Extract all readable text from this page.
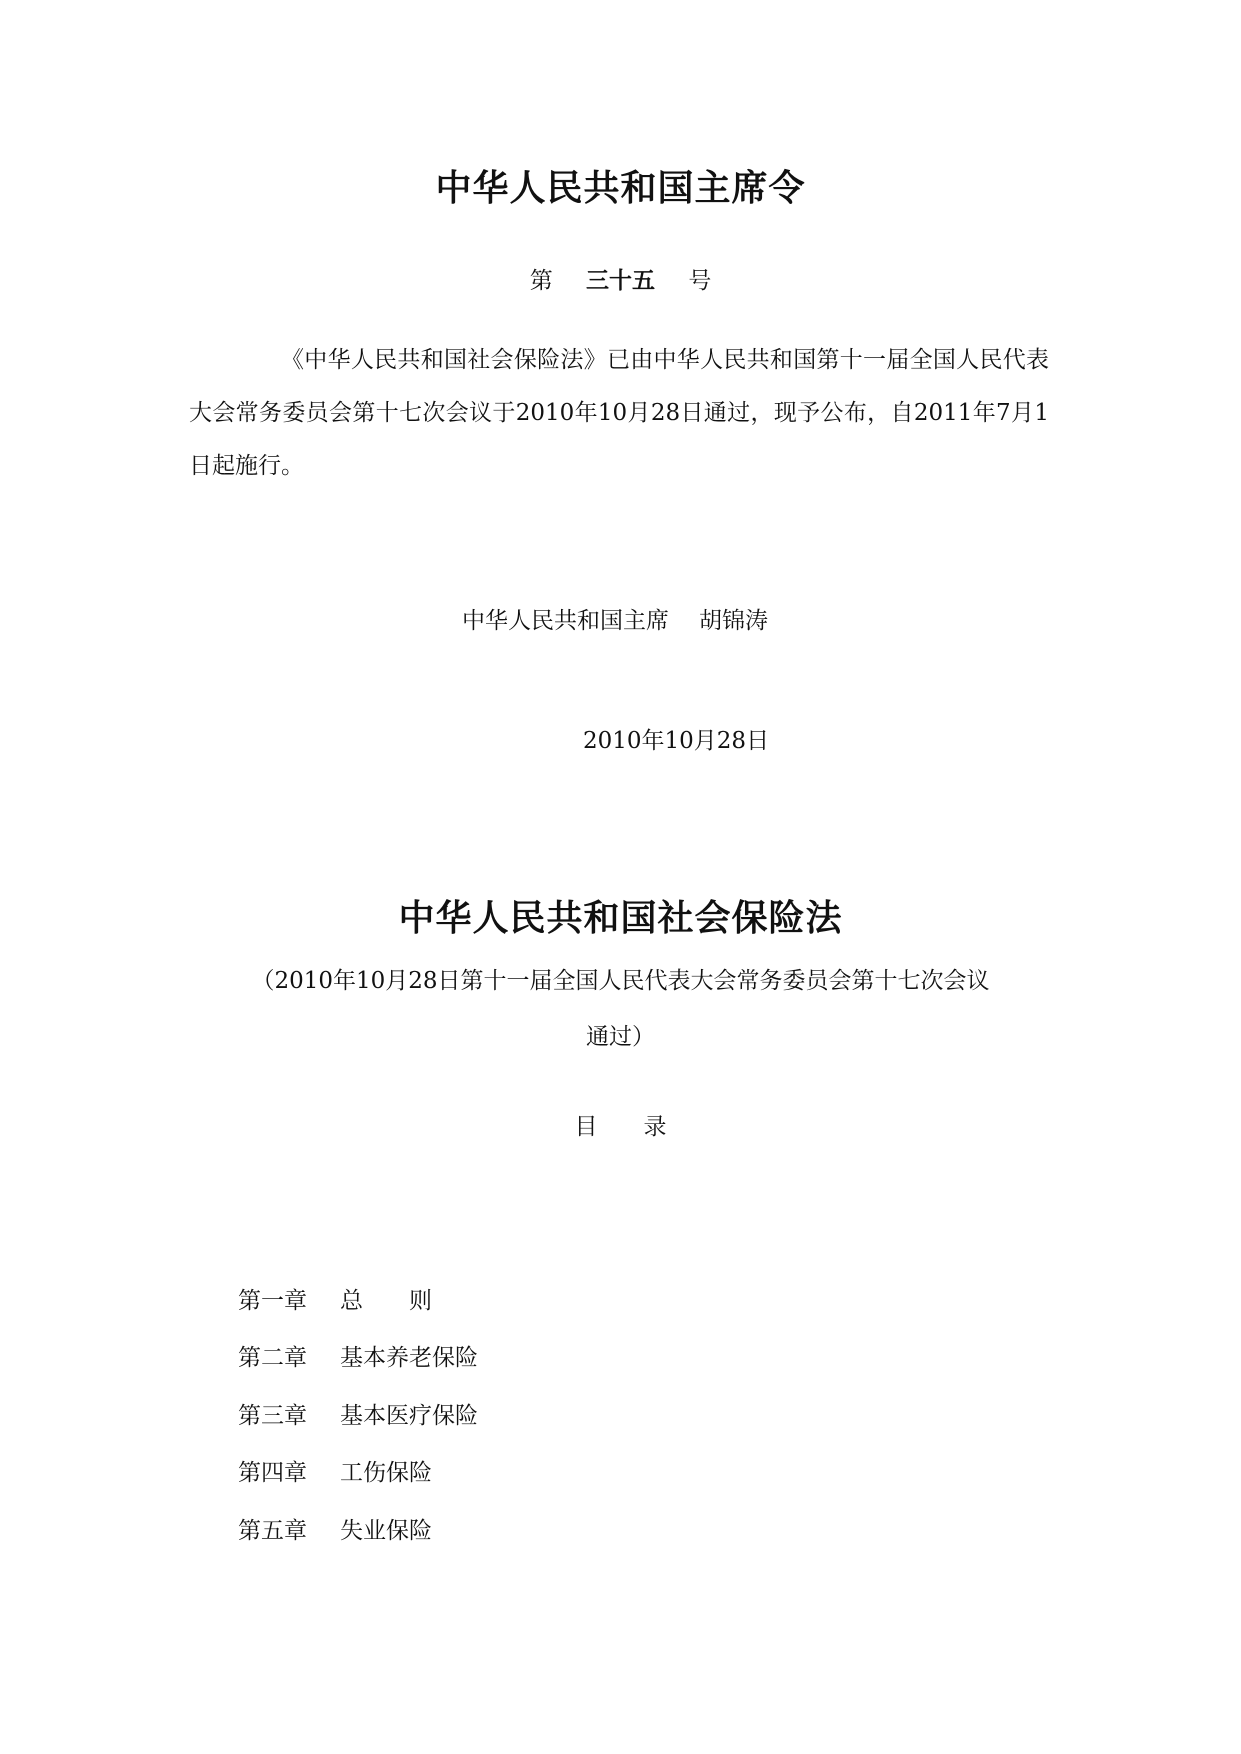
中华人民共和国主席令
第 三十五 号
《中华人民共和国社会保险法》已由中华人民共和国第十一届全国人民代表大会常务委员会第十七次会议于2010年10月28日通过，现予公布，自2011年7月1日起施行。
中华人民共和国主席 胡锦涛
2010年10月28日
中华人民共和国社会保险法
（2010年10月28日第十一届全国人民代表大会常务委员会第十七次会议
通过）
目　　录
第一章 总　　则
第二章 基本养老保险
第三章 基本医疗保险
第四章 工伤保险
第五章 失业保险
